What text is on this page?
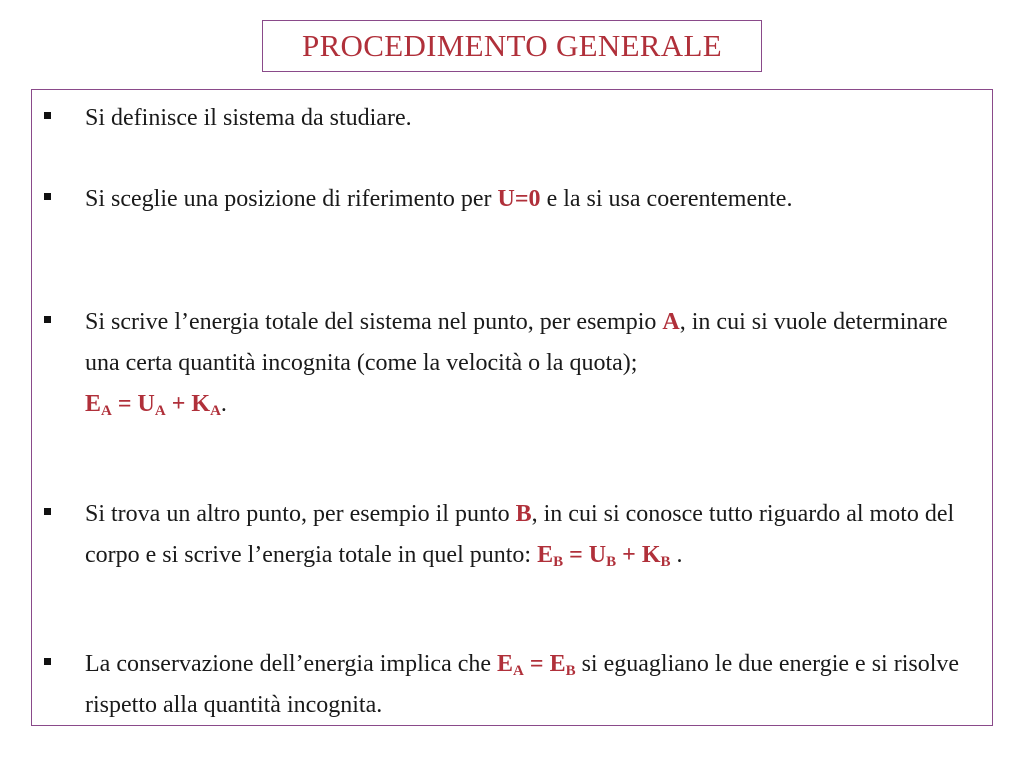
PROCEDIMENTO GENERALE
Si definisce il sistema da studiare.
Si sceglie una posizione di riferimento per U=0 e la si usa coerentemente.
Si scrive l’energia totale del sistema nel punto, per esempio A, in cui si vuole determinare una certa quantità incognita (come la velocità o la quota);
$E_A = U_A + K_A$.
Si trova un altro punto, per esempio il punto B, in cui si conosce tutto riguardo al moto del corpo e si scrive l’energia totale in quel punto: $E_B = U_B + K_B$ .
La conservazione dell’energia implica che $E_A = E_B$ si eguagliano le due energie e si risolve rispetto alla quantità incognita.
